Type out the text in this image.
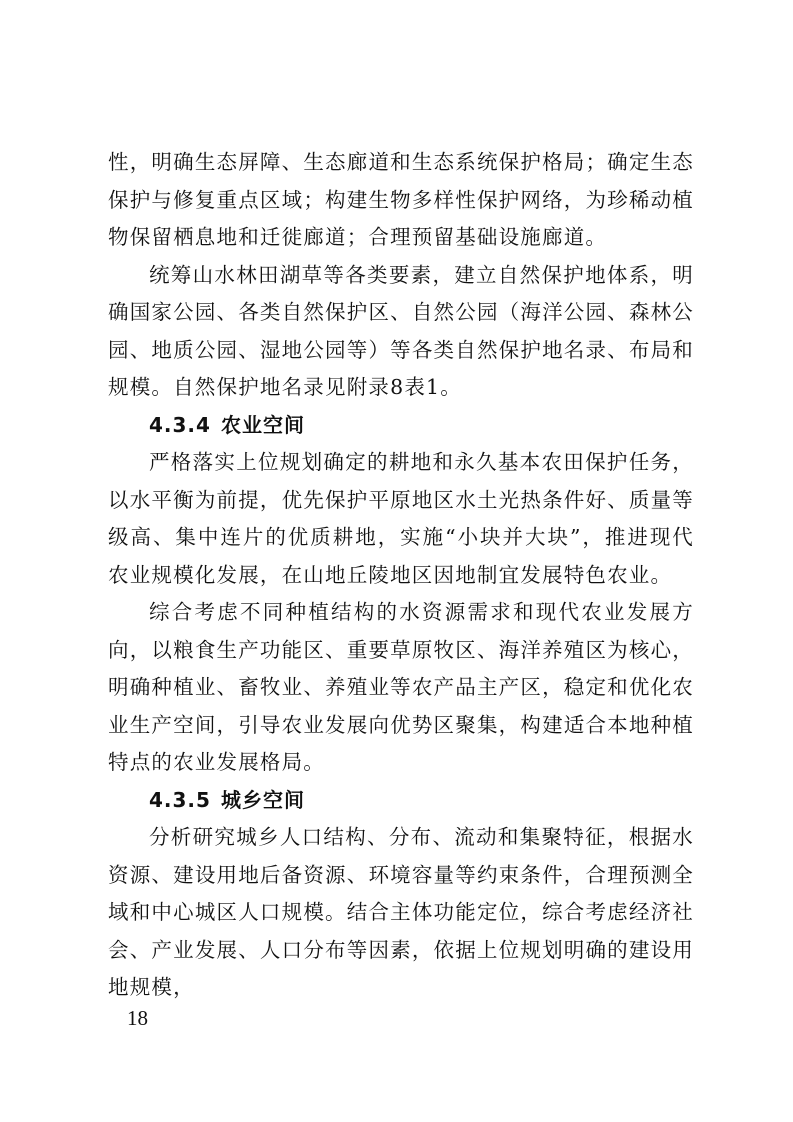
性，明确生态屏障、生态廊道和生态系统保护格局；确定生态保护与修复重点区域；构建生物多样性保护网络，为珍稀动植物保留栖息地和迁徙廊道；合理预留基础设施廊道。

统筹山水林田湖草等各类要素，建立自然保护地体系，明确国家公园、各类自然保护区、自然公园（海洋公园、森林公园、地质公园、湿地公园等）等各类自然保护地名录、布局和规模。自然保护地名录见附录8表1。

4.3.4 农业空间

严格落实上位规划确定的耕地和永久基本农田保护任务，以水平衡为前提，优先保护平原地区水土光热条件好、质量等级高、集中连片的优质耕地，实施“小块并大块”，推进现代农业规模化发展，在山地丘陵地区因地制宜发展特色农业。

综合考虑不同种植结构的水资源需求和现代农业发展方向，以粮食生产功能区、重要草原牧区、海洋养殖区为核心，明确种植业、畜牧业、养殖业等农产品主产区，稳定和优化农业生产空间，引导农业发展向优势区聚集，构建适合本地种植特点的农业发展格局。

4.3.5 城乡空间

分析研究城乡人口结构、分布、流动和集聚特征，根据水资源、建设用地后备资源、环境容量等约束条件，合理预测全域和中心城区人口规模。结合主体功能定位，综合考虑经济社会、产业发展、人口分布等因素，依据上位规划明确的建设用地规模，

18
